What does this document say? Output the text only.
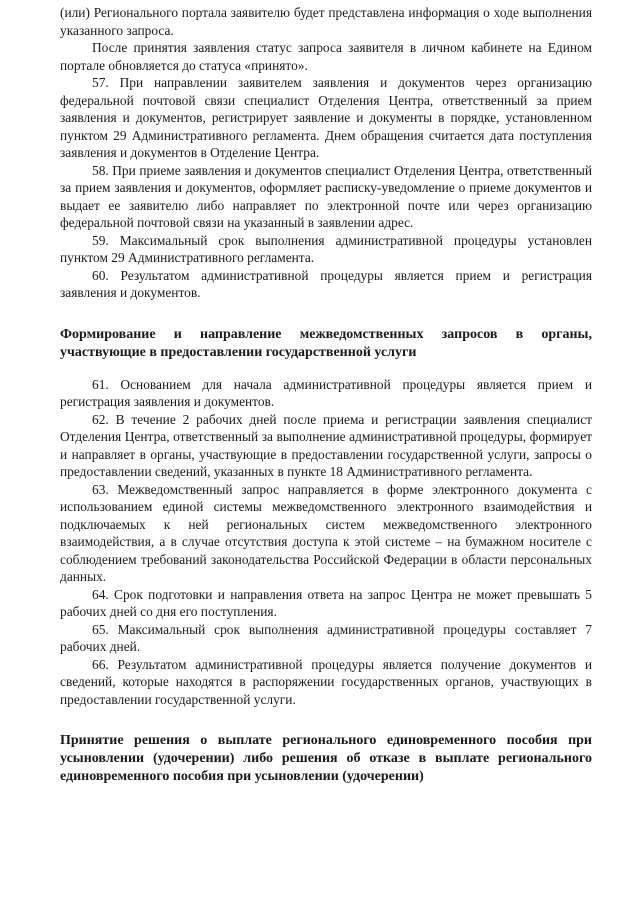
(или) Регионального портала заявителю будет представлена информация о ходе выполнения указанного запроса.

После принятия заявления статус запроса заявителя в личном кабинете на Едином портале обновляется до статуса «принято».

57. При направлении заявителем заявления и документов через организацию федеральной почтовой связи специалист Отделения Центра, ответственный за прием заявления и документов, регистрирует заявление и документы в порядке, установленном пунктом 29 Административного регламента. Днем обращения считается дата поступления заявления и документов в Отделение Центра.

58. При приеме заявления и документов специалист Отделения Центра, ответственный за прием заявления и документов, оформляет расписку-уведомление о приеме документов и выдает ее заявителю либо направляет по электронной почте или через организацию федеральной почтовой связи на указанный в заявлении адрес.

59. Максимальный срок выполнения административной процедуры установлен пунктом 29 Административного регламента.

60. Результатом административной процедуры является прием и регистрация заявления и документов.

Формирование и направление межведомственных запросов в органы, участвующие в предоставлении государственной услуги

61. Основанием для начала административной процедуры является прием и регистрация заявления и документов.

62. В течение 2 рабочих дней после приема и регистрации заявления специалист Отделения Центра, ответственный за выполнение административной процедуры, формирует и направляет в органы, участвующие в предоставлении государственной услуги, запросы о предоставлении сведений, указанных в пункте 18 Административного регламента.

63. Межведомственный запрос направляется в форме электронного документа с использованием единой системы межведомственного электронного взаимодействия и подключаемых к ней региональных систем межведомственного электронного взаимодействия, а в случае отсутствия доступа к этой системе – на бумажном носителе с соблюдением требований законодательства Российской Федерации в области персональных данных.

64. Срок подготовки и направления ответа на запрос Центра не может превышать 5 рабочих дней со дня его поступления.

65. Максимальный срок выполнения административной процедуры составляет 7 рабочих дней.

66. Результатом административной процедуры является получение документов и сведений, которые находятся в распоряжении государственных органов, участвующих в предоставлении государственной услуги.

Принятие решения о выплате регионального единовременного пособия при усыновлении (удочерении) либо решения об отказе в выплате регионального единовременного пособия при усыновлении (удочерении)
